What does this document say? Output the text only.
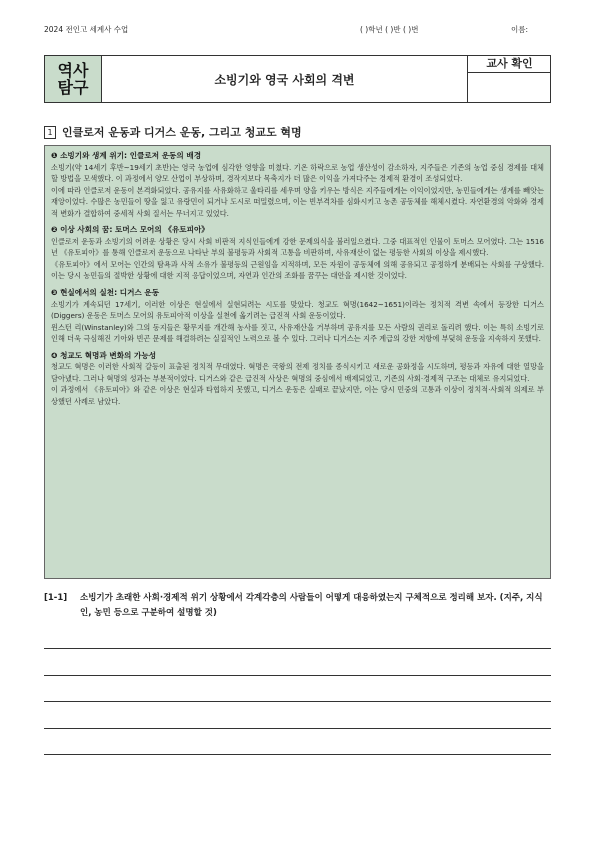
2024 전인고 세계사 수업	( )학년 ( )반 ( )번	이름:
역사
탐구	소빙기와 영국 사회의 격변
교사 확인
1 인클로저 운동과 디거스 운동, 그리고 청교도 혁명
❶ 소빙기와 생계 위기: 인클로저 운동의 배경

소빙기(약 14세기 후반~19세기 초반)는 영국 농업에 심각한 영향을 미쳤다. 기온 하락으로 농업 생산성이 감소하자, 지주들은 기존의 농업 중심 경제를 대체할 방법을 모색했다. 이 과정에서 양모 산업이 부상하며, 경작지보다 목축지가 더 많은 이익을 가져다주는 경제적 환경이 조성되었다.

이에 따라 인클로저 운동이 본격화되었다. 공유지를 사유화하고 울타리를 세우며 양을 키우는 방식은 지주들에게는 이익이었지만, 농민들에게는 생계를 빼앗는 재앙이었다. 수많은 농민들이 땅을 잃고 유랑민이 되거나 도시로 떠밀렸으며, 이는 빈부격차를 심화시키고 농촌 공동체를 해체시켰다. 자연환경의 악화와 경제적 변화가 결합하여 중세적 사회 질서는 무너지고 있었다.

❷ 이상 사회의 꿈: 토머스 모어의 《유토피아》

인클로저 운동과 소빙기의 어려운 상황은 당시 사회 비판적 지식인들에게 강한 문제의식을 불러일으켰다. 그중 대표적인 인물이 토머스 모어였다. 그는 1516년 《유토피아》를 통해 인클로저 운동으로 나타난 부의 불평등과 사회적 고통을 비판하며, 사유재산이 없는 평등한 사회의 이상을 제시했다.

《유토피아》에서 모어는 인간의 탐욕과 사적 소유가 불평등의 근원임을 지적하며, 모든 자원이 공동체에 의해 공유되고 공정하게 분배되는 사회를 구상했다. 이는 당시 농민들의 절박한 상황에 대한 지적 응답이었으며, 자연과 인간의 조화를 꿈꾸는 대안을 제시한 것이었다.

❸ 현실에서의 실천: 디거스 운동

소빙기가 계속되던 17세기, 이러한 이상은 현실에서 실현되려는 시도를 맞았다. 청교도 혁명(1642~1651)이라는 정치적 격변 속에서 등장한 디거스(Diggers) 운동은 토머스 모어의 유토피아적 이상을 실천에 옮기려는 급진적 사회 운동이었다.

윈스턴 리(Winstanley)와 그의 동지들은 황무지를 개간해 농사를 짓고, 사유재산을 거부하며 공유지를 모든 사람의 권리로 돌리려 했다. 이는 특히 소빙기로 인해 더욱 극심해진 기아와 빈곤 문제를 해결하려는 실질적인 노력으로 볼 수 있다. 그러나 디거스는 지주 계급의 강한 저항에 부딪혀 운동을 지속하지 못했다.

❹ 청교도 혁명과 변화의 가능성

청교도 혁명은 이러한 사회적 갈등이 표출된 정치적 무대였다. 혁명은 국왕의 전제 정치를 종식시키고 새로운 공화정을 시도하며, 평등과 자유에 대한 열망을 담아냈다. 그러나 혁명의 성과는 부분적이었다. 디거스와 같은 급진적 사상은 혁명의 중심에서 배제되었고, 기존의 사회·경제적 구조는 대체로 유지되었다.

이 과정에서 《유토피아》와 같은 이상은 현실과 타협하지 못했고, 디거스 운동은 실패로 끝났지만, 이는 당시 민중의 고통과 이상이 정치적·사회적 의제로 부상했던 사례로 남았다.

[1-1]	소빙기가 초래한 사회·경제적 위기 상황에서 각계각층의 사람들이 어떻게 대응하였는지 구체적으로 정리해 보자. (지주, 지식인, 농민 등으로 구분하여 설명할 것)
